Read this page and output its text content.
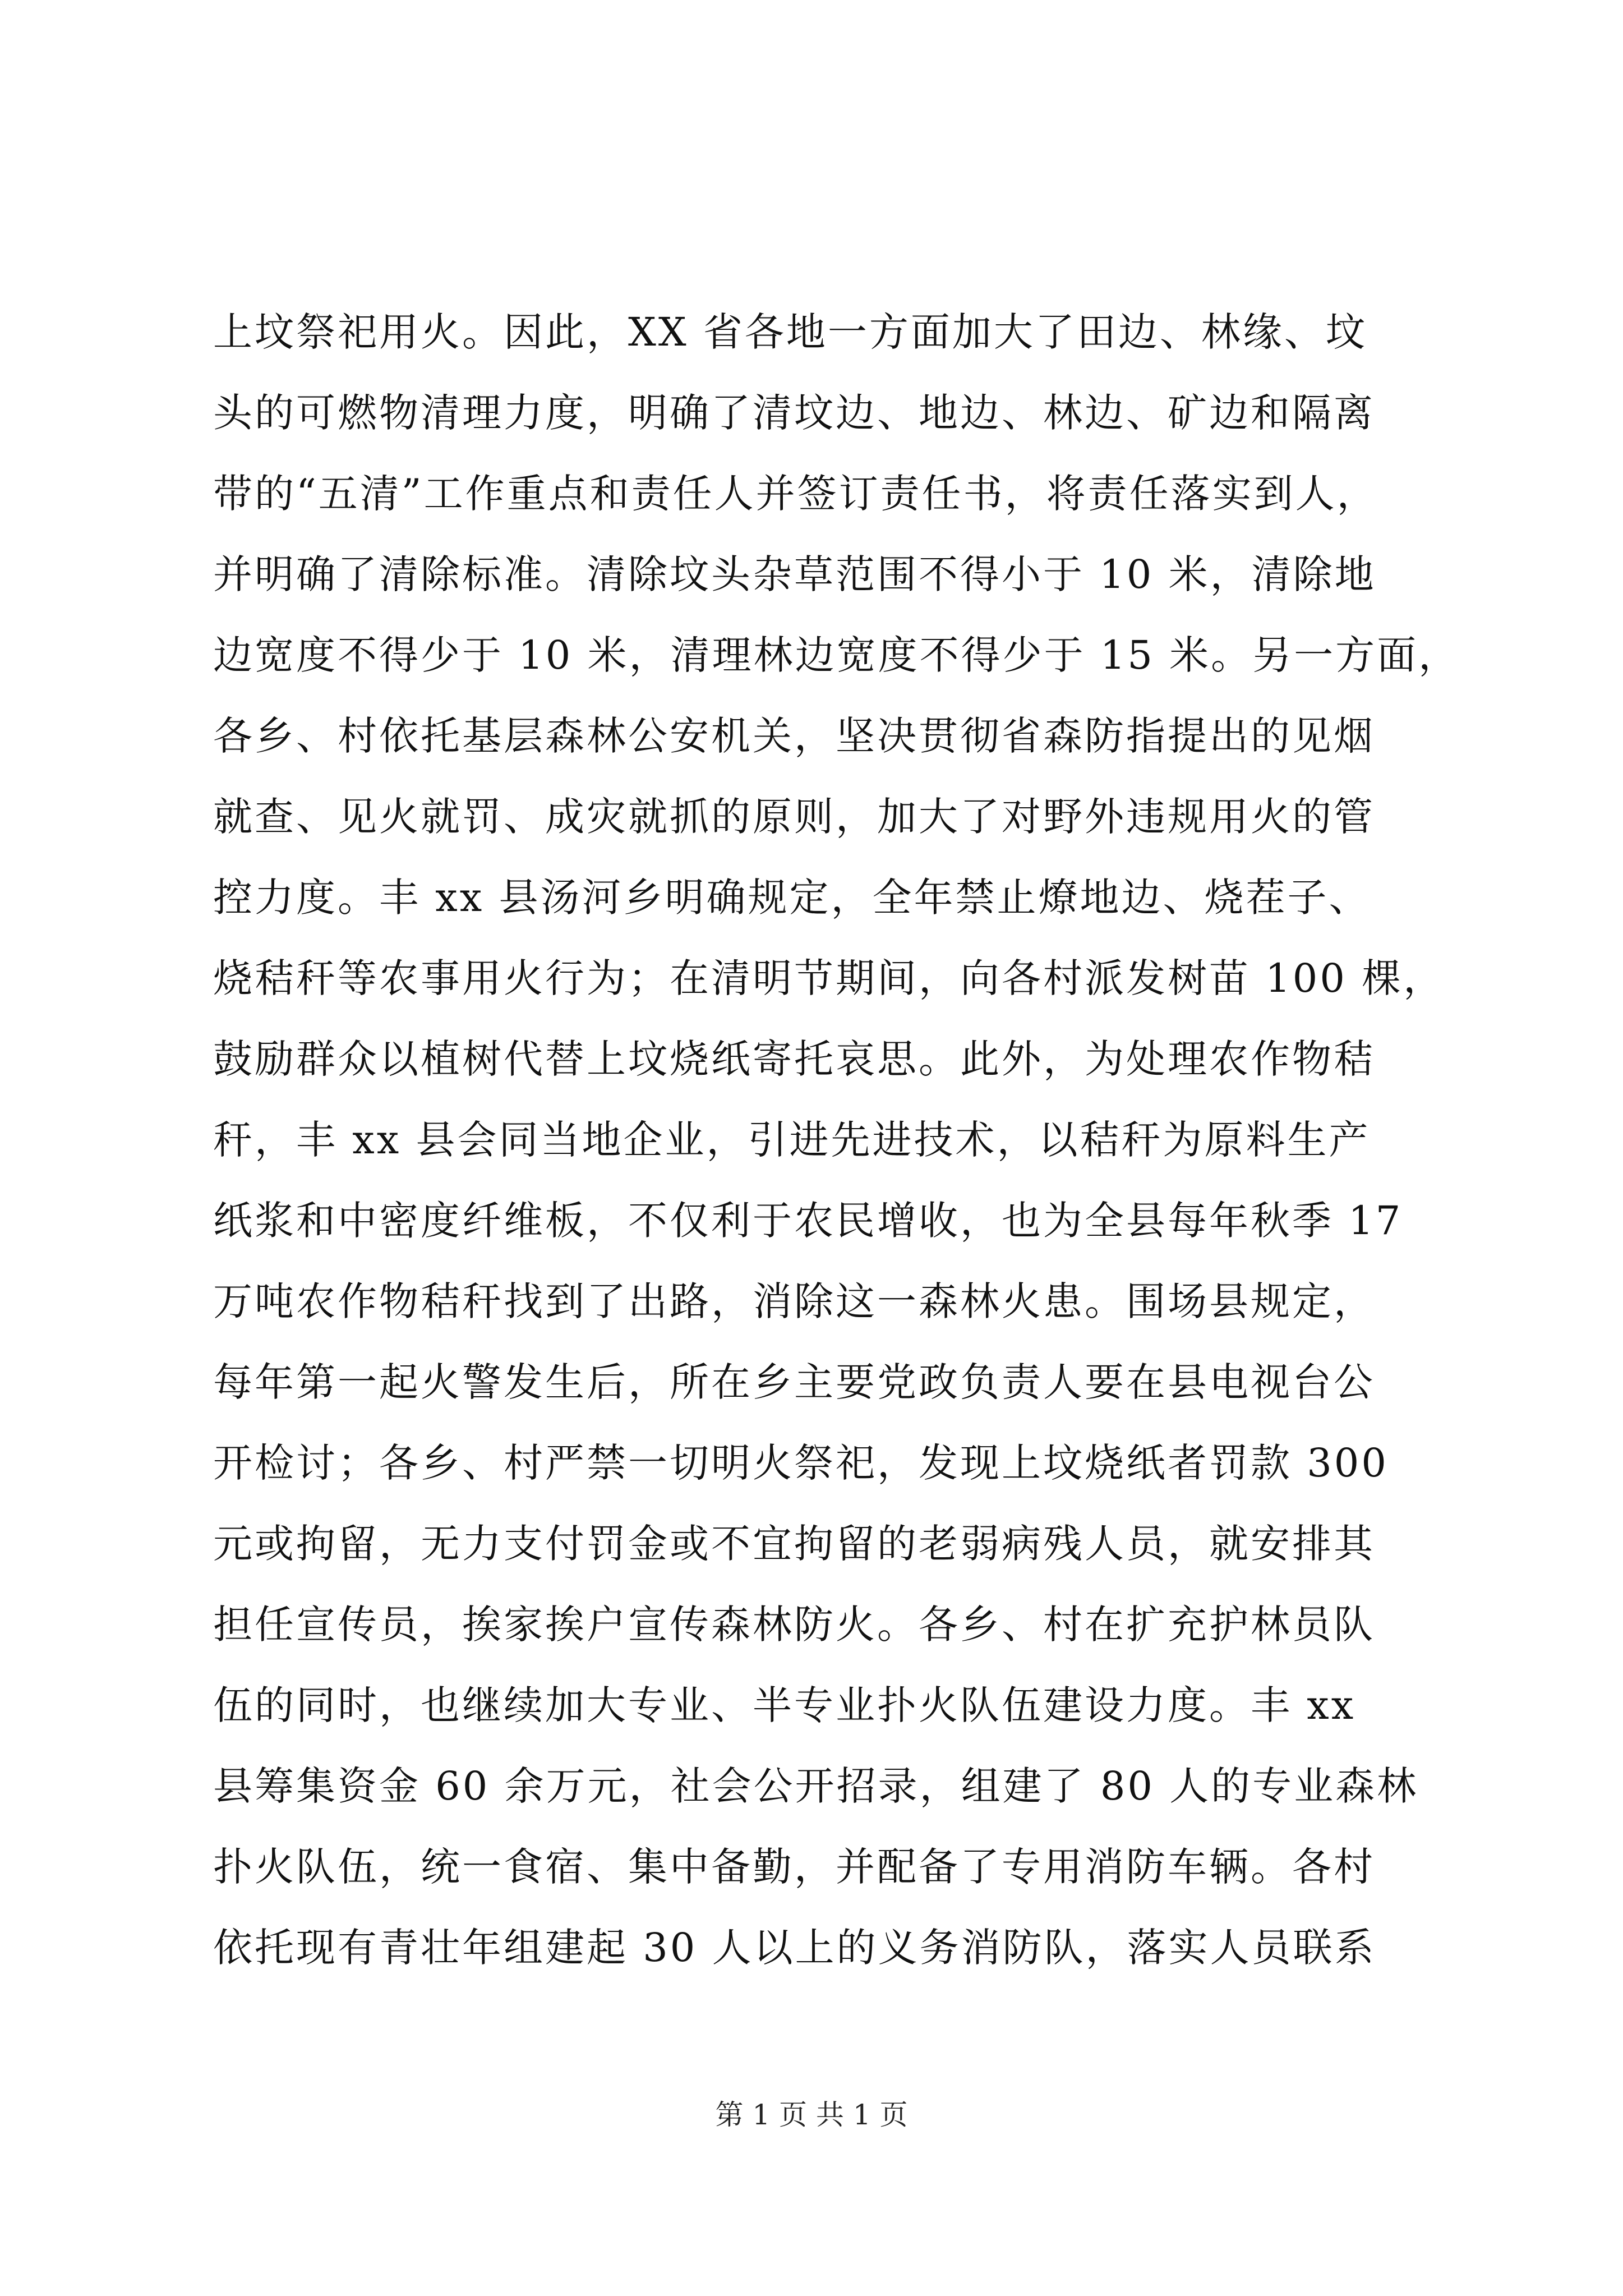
上坟祭祀用火。因此，XX 省各地一方面加大了田边、林缘、坟
头的可燃物清理力度，明确了清坟边、地边、林边、矿边和隔离
带的“五清”工作重点和责任人并签订责任书，将责任落实到人，
并明确了清除标准。清除坟头杂草范围不得小于 10 米，清除地
边宽度不得少于 10 米，清理林边宽度不得少于 15 米。另一方面，
各乡、村依托基层森林公安机关，坚决贯彻省森防指提出的见烟
就查、见火就罚、成灾就抓的原则，加大了对野外违规用火的管
控力度。丰 xx 县汤河乡明确规定，全年禁止燎地边、烧茬子、
烧秸秆等农事用火行为；在清明节期间，向各村派发树苗 100 棵，
鼓励群众以植树代替上坟烧纸寄托哀思。此外，为处理农作物秸
秆，丰 xx 县会同当地企业，引进先进技术，以秸秆为原料生产
纸浆和中密度纤维板，不仅利于农民增收，也为全县每年秋季 17
万吨农作物秸秆找到了出路，消除这一森林火患。围场县规定，
每年第一起火警发生后，所在乡主要党政负责人要在县电视台公
开检讨；各乡、村严禁一切明火祭祀，发现上坟烧纸者罚款 300
元或拘留，无力支付罚金或不宜拘留的老弱病残人员，就安排其
担任宣传员，挨家挨户宣传森林防火。各乡、村在扩充护林员队
伍的同时，也继续加大专业、半专业扑火队伍建设力度。丰 xx
县筹集资金 60 余万元，社会公开招录，组建了 80 人的专业森林
扑火队伍，统一食宿、集中备勤，并配备了专用消防车辆。各村
依托现有青壮年组建起 30 人以上的义务消防队，落实人员联系
第 1 页 共 1 页
